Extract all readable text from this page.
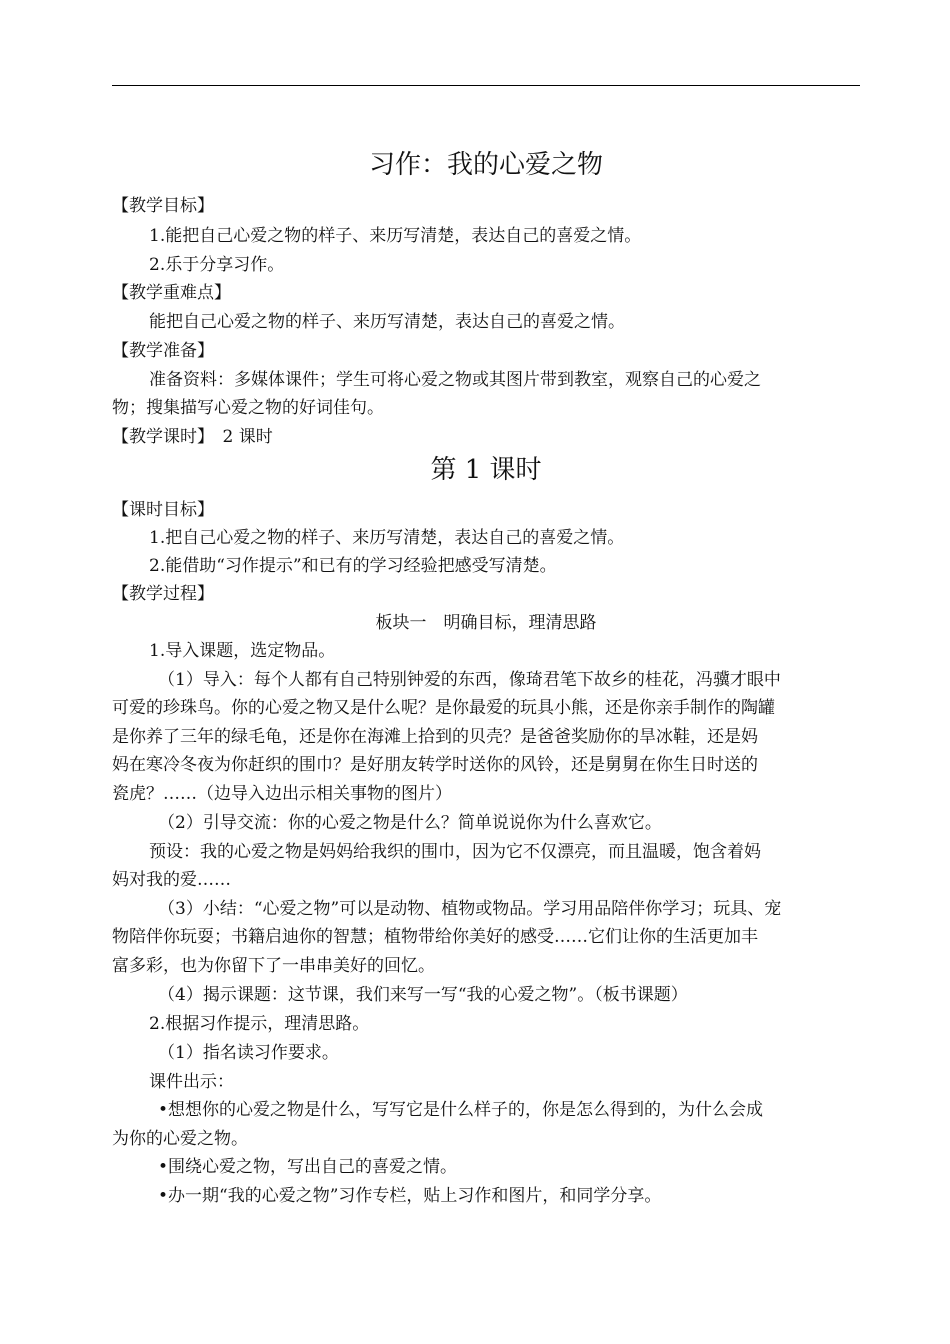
习作：我的心爱之物
【教学目标】
1.能把自己心爱之物的样子、来历写清楚，表达自己的喜爱之情。
2.乐于分享习作。
【教学重难点】
能把自己心爱之物的样子、来历写清楚，表达自己的喜爱之情。
【教学准备】
准备资料：多媒体课件；学生可将心爱之物或其图片带到教室，观察自己的心爱之
物；搜集描写心爱之物的好词佳句。
【教学课时】　2 课时
第 1 课时
【课时目标】
1.把自己心爱之物的样子、来历写清楚，表达自己的喜爱之情。
2.能借助“习作提示”和已有的学习经验把感受写清楚。
【教学过程】
板块一　明确目标，理清思路
1.导入课题，选定物品。
（1）导入：每个人都有自己特别钟爱的东西，像琦君笔下故乡的桂花，冯骥才眼中
可爱的珍珠鸟。你的心爱之物又是什么呢？是你最爱的玩具小熊，还是你亲手制作的陶罐
是你养了三年的绿毛龟，还是你在海滩上拾到的贝壳？是爸爸奖励你的旱冰鞋，还是妈
妈在寒冷冬夜为你赶织的围巾？是好朋友转学时送你的风铃，还是舅舅在你生日时送的
瓷虎？……（边导入边出示相关事物的图片）
（2）引导交流：你的心爱之物是什么？简单说说你为什么喜欢它。
预设：我的心爱之物是妈妈给我织的围巾，因为它不仅漂亮，而且温暖，饱含着妈
妈对我的爱……
（3）小结：“心爱之物”可以是动物、植物或物品。学习用品陪伴你学习；玩具、宠
物陪伴你玩耍；书籍启迪你的智慧；植物带给你美好的感受……它们让你的生活更加丰
富多彩，也为你留下了一串串美好的回忆。
（4）揭示课题：这节课，我们来写一写“我的心爱之物”。（板书课题）
2.根据习作提示，理清思路。
（1）指名读习作要求。
课件出示：
•想想你的心爱之物是什么，写写它是什么样子的，你是怎么得到的，为什么会成
为你的心爱之物。
•围绕心爱之物，写出自己的喜爱之情。
•办一期“我的心爱之物”习作专栏，贴上习作和图片，和同学分享。
